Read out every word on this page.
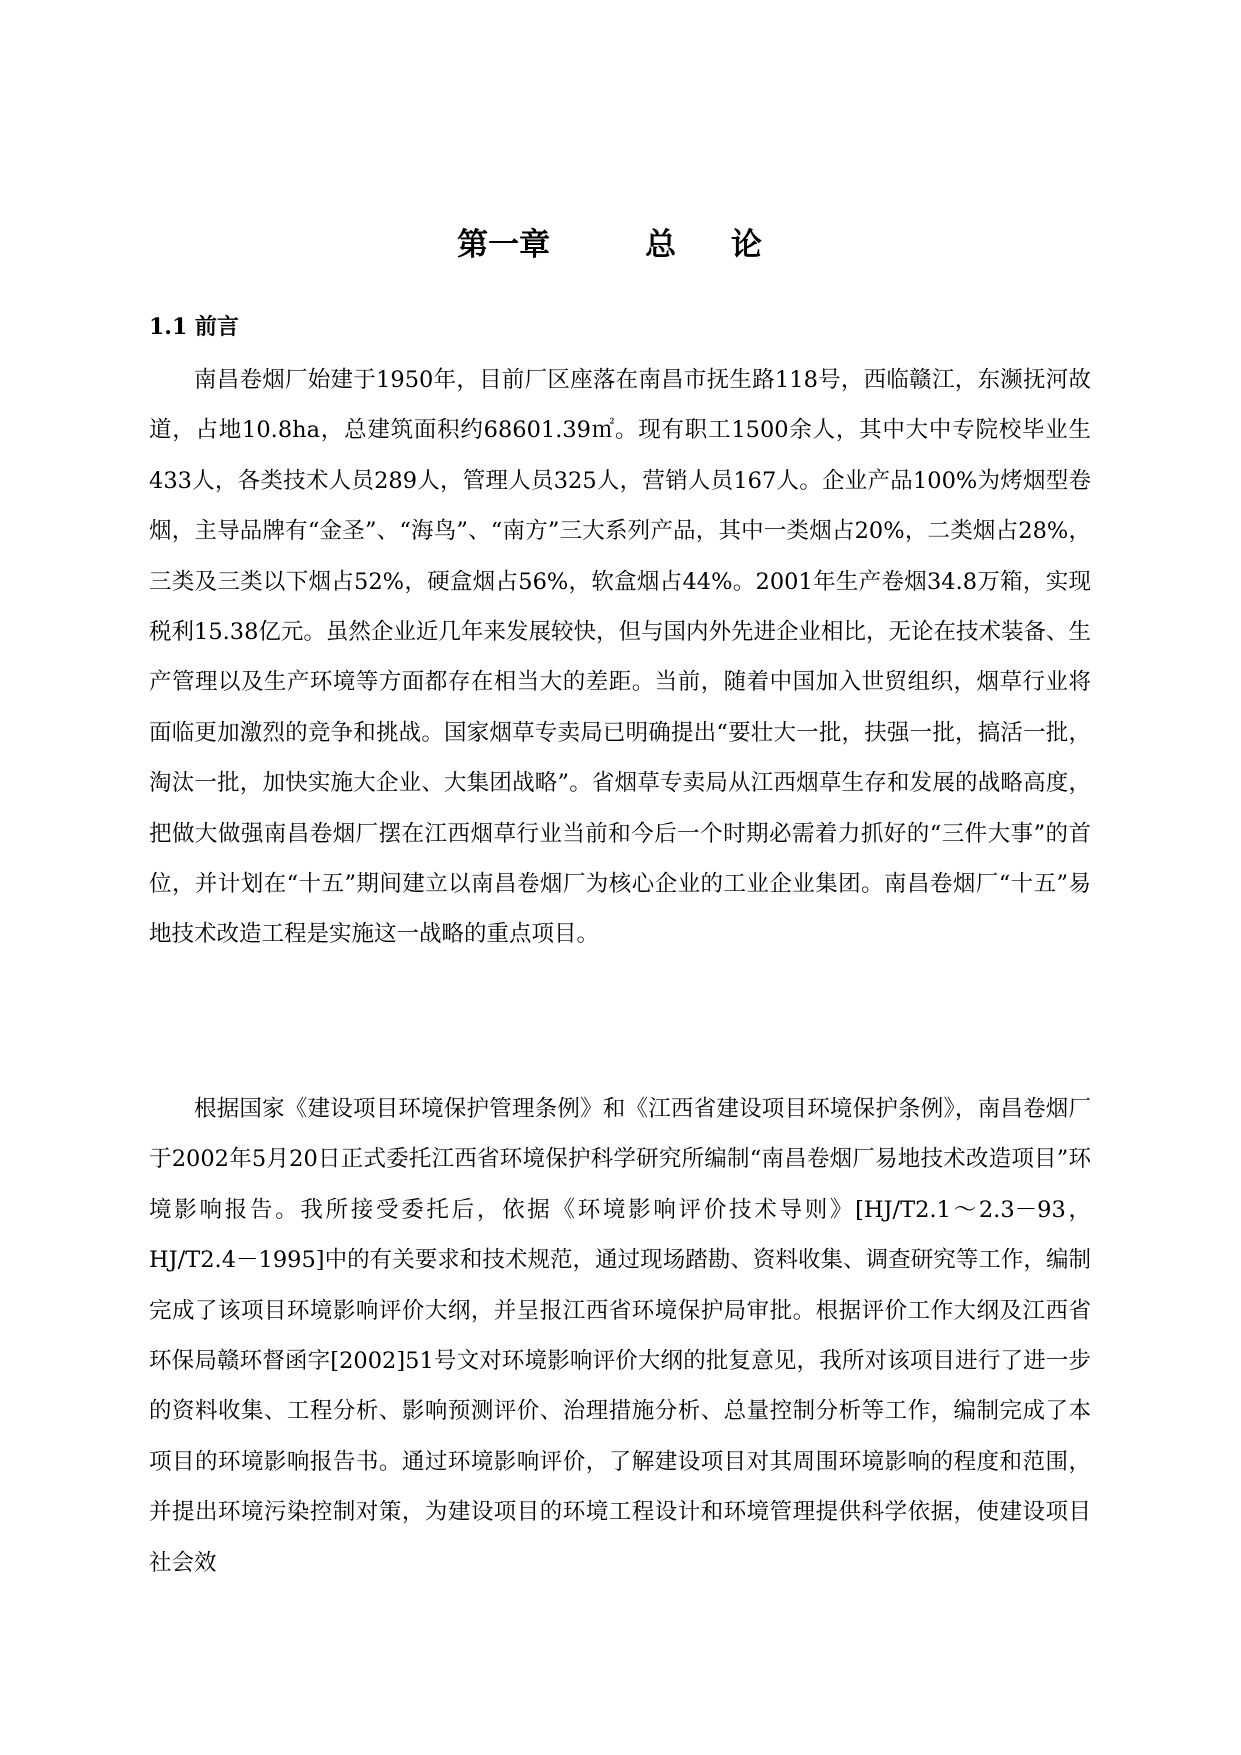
第一章	总 论
1.1 前言

南昌卷烟厂始建于1950年，目前厂区座落在南昌市抚生路118号，西临赣江，东濒抚河故道，占地10.8ha，总建筑面积约68601.39㎡。现有职工1500余人，其中大中专院校毕业生433人，各类技术人员289人，管理人员325人，营销人员167人。企业产品100%为烤烟型卷烟，主导品牌有“金圣”、“海鸟”、“南方”三大系列产品，其中一类烟占20%，二类烟占28%，三类及三类以下烟占52%，硬盒烟占56%，软盒烟占44%。2001年生产卷烟34.8万箱，实现税利15.38亿元。虽然企业近几年来发展较快，但与国内外先进企业相比，无论在技术装备、生产管理以及生产环境等方面都存在相当大的差距。当前，随着中国加入世贸组织，烟草行业将面临更加激烈的竞争和挑战。国家烟草专卖局已明确提出“要壮大一批，扶强一批，搞活一批，淘汰一批，加快实施大企业、大集团战略”。省烟草专卖局从江西烟草生存和发展的战略高度，把做大做强南昌卷烟厂摆在江西烟草行业当前和今后一个时期必需着力抓好的“三件大事”的首位，并计划在“十五”期间建立以南昌卷烟厂为核心企业的工业企业集团。南昌卷烟厂“十五”易地技术改造工程是实施这一战略的重点项目。

根据国家《建设项目环境保护管理条例》和《江西省建设项目环境保护条例》，南昌卷烟厂于2002年5月20日正式委托江西省环境保护科学研究所编制“南昌卷烟厂易地技术改造项目”环境影响报告。我所接受委托后，依据《环境影响评价技术导则》[HJ/T2.1～2.3－93，HJ/T2.4－1995]中的有关要求和技术规范，通过现场踏勘、资料收集、调查研究等工作，编制完成了该项目环境影响评价大纲，并呈报江西省环境保护局审批。根据评价工作大纲及江西省环保局赣环督函字[2002]51号文对环境影响评价大纲的批复意见，我所对该项目进行了进一步的资料收集、工程分析、影响预测评价、治理措施分析、总量控制分析等工作，编制完成了本项目的环境影响报告书。通过环境影响评价，了解建设项目对其周围环境影响的程度和范围，并提出环境污染控制对策，为建设项目的环境工程设计和环境管理提供科学依据，使建设项目社会效
